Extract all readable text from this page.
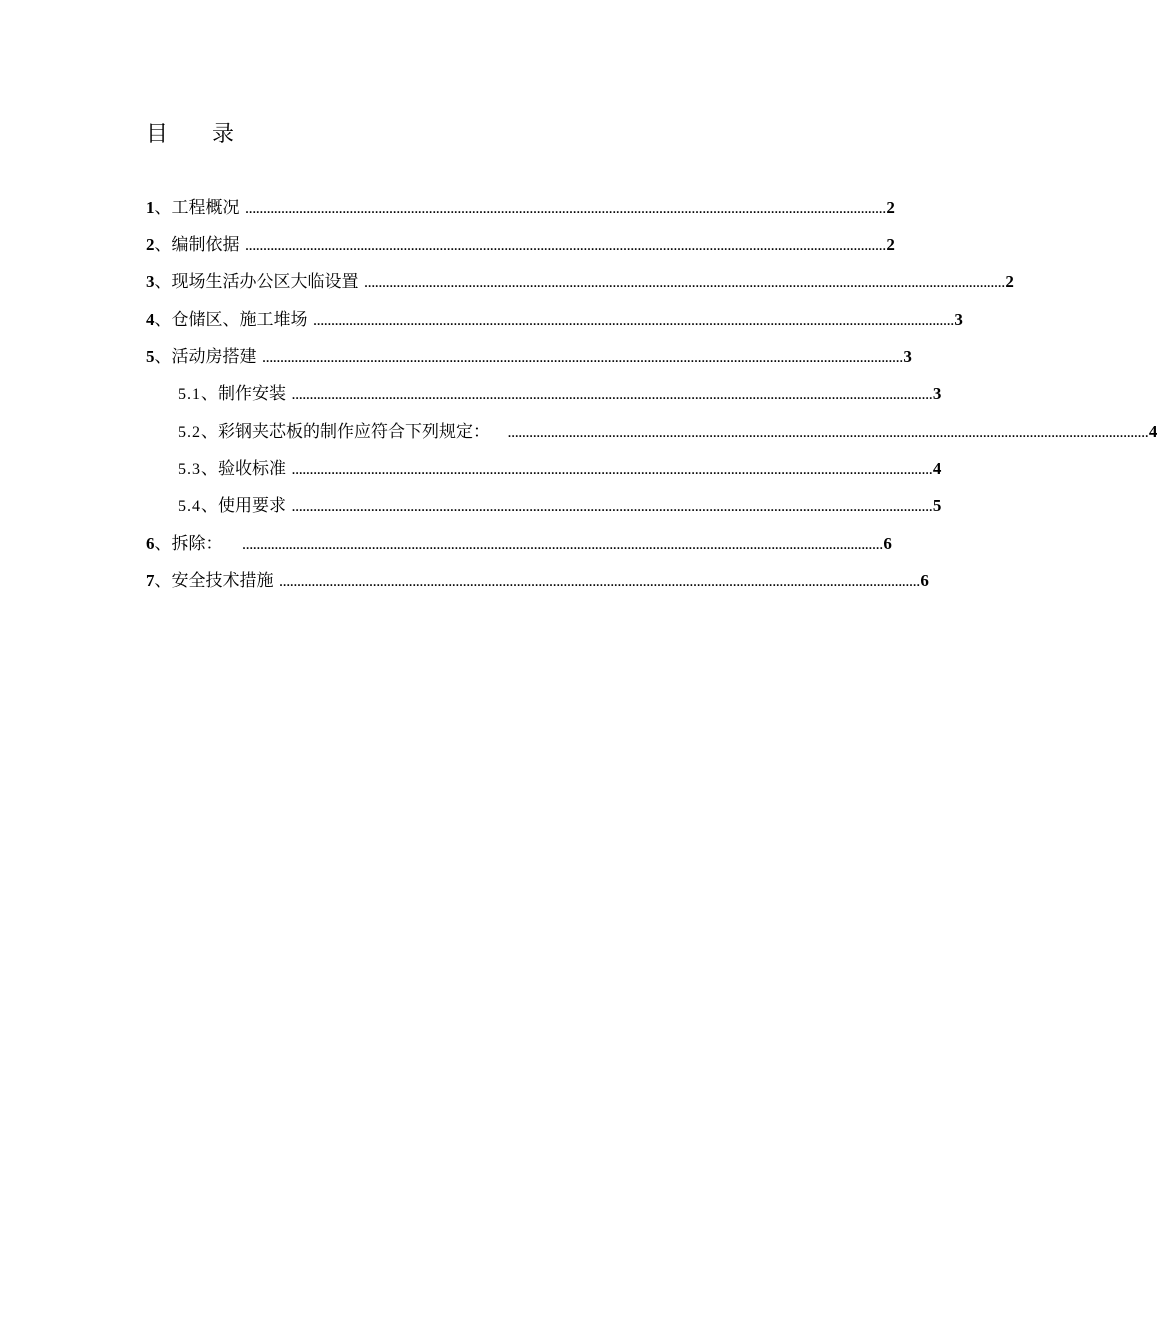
目　　录
1 、 工程概况 .................................................................................................................................................................................. 2
2 、 编制依据 .................................................................................................................................................................................. 2
3 、 现场生活办公区大临设置 .................................................................................................................................................................................. 2
4 、 仓储区、施工堆场 .................................................................................................................................................................................. 3
5 、 活动房搭建 .................................................................................................................................................................................. 3
5.1 、 制作安装 .................................................................................................................................................................................. 3
5.2 、 彩钢夹芯板的制作应符合下列规定： .................................................................................................................................................................................. 4
5.3 、 验收标准 .................................................................................................................................................................................. 4
5.4 、 使用要求 .................................................................................................................................................................................. 5
6 、 拆除： .................................................................................................................................................................................. 6
7 、 安全技术措施 .................................................................................................................................................................................. 6
